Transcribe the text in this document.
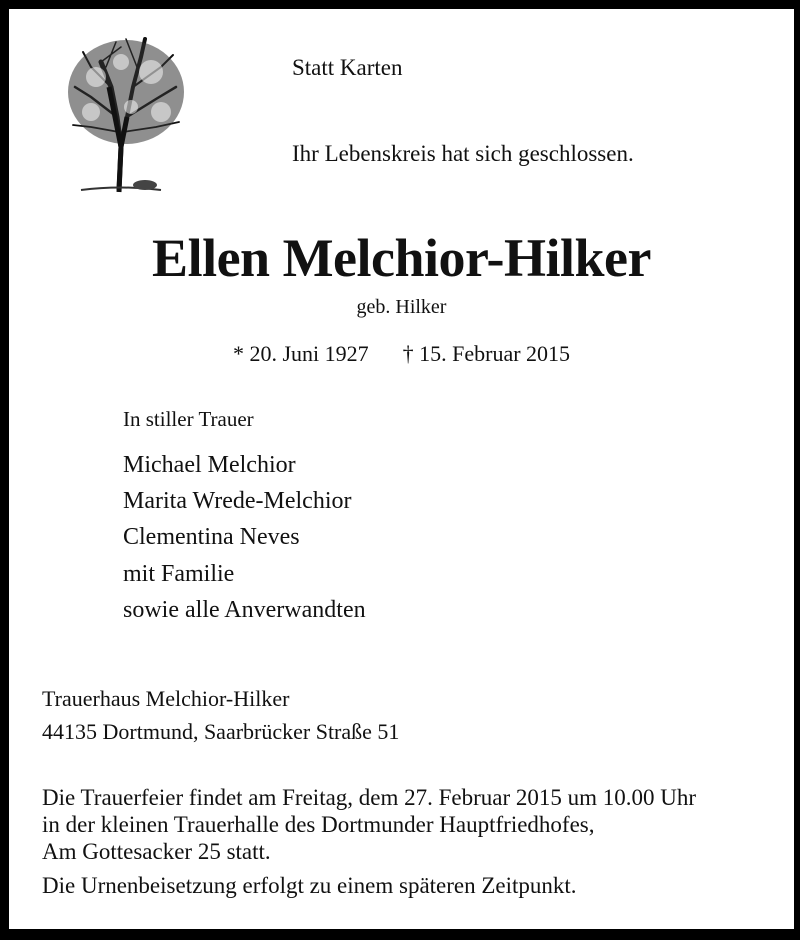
Statt Karten
Ihr Lebenskreis hat sich geschlossen.
Ellen Melchior-Hilker
geb. Hilker
* 20. Juni 1927 † 15. Februar 2015
In stiller Trauer
Michael Melchior
Marita Wrede-Melchior
Clementina Neves
mit Familie
sowie alle Anverwandten
Trauerhaus Melchior-Hilker
44135 Dortmund, Saarbrücker Straße 51
Die Trauerfeier findet am Freitag, dem 27. Februar 2015 um 10.00 Uhr
in der kleinen Trauerhalle des Dortmunder Hauptfriedhofes,
Am Gottesacker 25 statt.
Die Urnenbeisetzung erfolgt zu einem späteren Zeitpunkt.
